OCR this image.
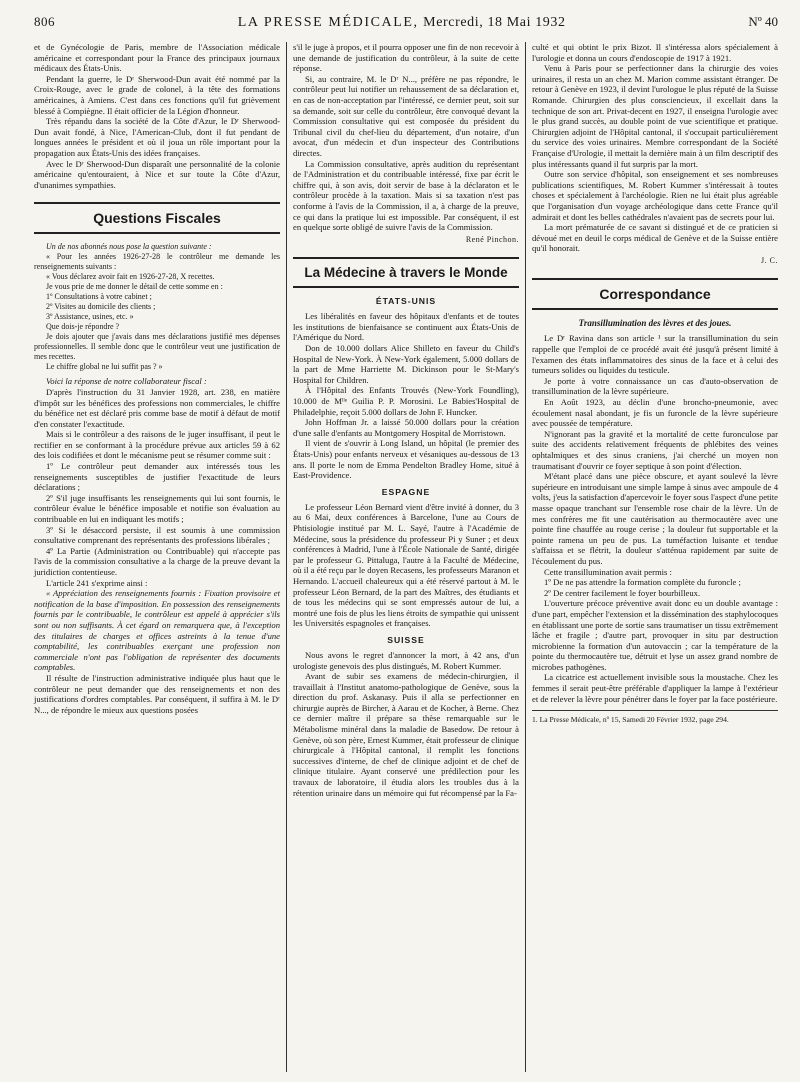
806	LA PRESSE MÉDICALE, Mercredi, 18 Mai 1932	Nº 40

et de Gynécologie de Paris, membre de l'Association médicale américaine et correspondant pour la France des principaux journaux médicaux des États-Unis.

Pendant la guerre, le Dʳ Sherwood-Dun avait été nommé par la Croix-Rouge, avec le grade de colonel, à la tête des formations américaines, à Amiens. C'est dans ces fonctions qu'il fut grièvement blessé à Compiègne. Il était officier de la Légion d'honneur.

Très répandu dans la société de la Côte d'Azur, le Dʳ Sherwood-Dun avait fondé, à Nice, l'American-Club, dont il fut pendant de longues années le président et où il joua un rôle important pour la propagation aux États-Unis des idées françaises.

Avec le Dʳ Sherwood-Dun disparaît une personnalité de la colonie américaine qu'entouraient, à Nice et sur toute la Côte d'Azur, d'unanimes sympathies.

Questions Fiscales

Un de nos abonnés nous pose la question suivante :

« Pour les années 1926-27-28 le contrôleur me demande les renseignements suivants :

« Vous déclarez avoir fait en 1926-27-28, X recettes.

Je vous prie de me donner le détail de cette somme en :

1º Consultations à votre cabinet ;

2º Visites au domicile des clients ;

3º Assistance, usines, etc. »

Que dois-je répondre ?

Je dois ajouter que j'avais dans mes déclarations justifié mes dépenses professionnelles. Il semble donc que le contrôleur veut une justification de mes recettes.

Le chiffre global ne lui suffit pas ? »

Voici la réponse de notre collaborateur fiscal :

D'après l'instruction du 31 Janvier 1928, art. 238, en matière d'impôt sur les bénéfices des professions non commerciales, le chiffre du bénéfice net est déclaré pris comme base de motif à défaut de motif d'en constater l'exactitude.

Mais si le contrôleur a des raisons de le juger insuffisant, il peut le rectifier en se conformant à la procédure prévue aux articles 59 à 62 des lois codifiées et dont le mécanisme peut se résumer comme suit :

1º Le contrôleur peut demander aux intéressés tous les renseignements susceptibles de justifier l'exactitude de leurs déclarations ;

2º S'il juge insuffisants les renseignements qui lui sont fournis, le contrôleur évalue le bénéfice imposable et notifie son évaluation au contribuable en lui en indiquant les motifs ;

3º Si le désaccord persiste, il est soumis à une commission consultative comprenant des représentants des professions libérales ;

4º La Partie (Administration ou Contribuable) qui n'accepte pas l'avis de la commission consultative a la charge de la preuve devant la juridiction contentieuse.

L'article 241 s'exprime ainsi :

« Appréciation des renseignements fournis : Fixation provisoire et notification de la base d'imposition. En possession des renseignements fournis par le contribuable, le contrôleur est appelé à apprécier s'ils sont ou non suffisants. À cet égard on remarquera que, à l'exception des titulaires de charges et offices astreints à la tenue d'une comptabilité, les contribuables exerçant une profession non commerciale n'ont pas l'obligation de représenter des documents comptables.

Il résulte de l'instruction administrative indiquée plus haut que le contrôleur ne peut demander que des renseignements et non des justifications d'ordres comptables. Par conséquent, il suffira à M. le Dʳ N..., de répondre le mieux aux questions posées

s'il le juge à propos, et il pourra opposer une fin de non recevoir à une demande de justification du contrôleur, à la suite de cette réponse.

Si, au contraire, M. le Dʳ N..., préfère ne pas répondre, le contrôleur peut lui notifier un rehaussement de sa déclaration et, en cas de non-acceptation par l'intéressé, ce dernier peut, soit sur sa demande, soit sur celle du contrôleur, être convoqué devant la Commission consultative qui est composée du président du Tribunal civil du chef-lieu du département, d'un notaire, d'un avocat, d'un médecin et d'un inspecteur des Contributions directes.

La Commission consultative, après audition du représentant de l'Administration et du contribuable intéressé, fixe par écrit le chiffre qui, à son avis, doit servir de base à la déclaraton et le contrôleur procède à la taxation. Mais si sa taxation n'est pas conforme à l'avis de la Commission, il a, à charge de la preuve, ce qui dans la pratique lui est impossible. Par conséquent, il est en quelque sorte obligé de suivre l'avis de la Commission.

René Pinchon.

La Médecine à travers le Monde
ÉTATS-UNIS

Les libéralités en faveur des hôpitaux d'enfants et de toutes les institutions de bienfaisance se continuent aux États-Unis de l'Amérique du Nord.

Don de 10.000 dollars Alice Shilleto en faveur du Child's Hospital de New-York. À New-York également, 5.000 dollars de la part de Mme Harriette M. Dickinson pour le St-Mary's Hospital for Children.

À l'Hôpital des Enfants Trouvés (New-York Foundling), 10.000 de Mˡˡᵉ Guilia P. P. Morosini. Le Babies'Hospital de Philadelphie, reçoit 5.000 dollars de John F. Huncker.

John Hoffman Jr. a laissé 50.000 dollars pour la création d'une salle d'enfants au Montgomery Hospital de Morristown.

Il vient de s'ouvrir à Long Island, un hôpital (le premier des États-Unis) pour enfants nerveux et vésaniques au-dessous de 13 ans. Il porte le nom de Emma Pendelton Bradley Home, situé à East-Providence.

ESPAGNE

Le professeur Léon Bernard vient d'être invité à donner, du 3 au 6 Mai, deux conférences à Barcelone, l'une au Cours de Phtisiologie institué par M. L. Sayé, l'autre à l'Académie de Médecine, sous la présidence du professeur Pi y Suner ; et deux conférences à Madrid, l'une à l'École Nationale de Santé, dirigée par le professeur G. Pittaluga, l'autre à la Faculté de Médecine, où il a été reçu par le doyen Recasens, les professeurs Maranon et Hernando. L'accueil chaleureux qui a été réservé partout à M. le professeur Léon Bernard, de la part des Maîtres, des étudiants et de tous les médecins qui se sont empressés autour de lui, a montré une fois de plus les liens étroits de sympathie qui unissent les Universités espagnoles et françaises.

SUISSE

Nous avons le regret d'annoncer la mort, à 42 ans, d'un urologiste genevois des plus distingués, M. Robert Kummer.

Avant de subir ses examens de médecin-chirurgien, il travaillait à l'Institut anatomo-pathologique de Genève, sous la direction du prof. Askanasy. Puis il alla se perfectionner en chirurgie auprès de Bircher, à Aarau et de Kocher, à Berne. Chez ce dernier maître il prépare sa thèse remarquable sur le Métabolisme minéral dans la maladie de Basedow. De retour à Genève, où son père, Ernest Kummer, était professeur de clinique chirurgicale à l'Hôpital cantonal, il remplit les fonctions successives d'interne, de chef de clinique adjoint et de chef de clinique titulaire. Ayant conservé une prédilection pour les travaux de laboratoire, il étudia alors les troubles dus à la rétention urinaire dans un mémoire qui fut récompensé par la Fa-

culté et qui obtint le prix Bizot. Il s'intéressa alors spécialement à l'urologie et donna un cours d'endoscopie de 1917 à 1921.

Venu à Paris pour se perfectionner dans la chirurgie des voies urinaires, il resta un an chez M. Marion comme assistant étranger. De retour à Genève en 1923, il devint l'urologue le plus réputé de la Suisse Romande. Chirurgien des plus consciencieux, il excellait dans la technique de son art. Privat-decent en 1927, il enseigna l'urologie avec le plus grand succès, au double point de vue scientifique et pratique. Chirurgien adjoint de l'Hôpital cantonal, il s'occupait particulièrement du service des voies urinaires. Membre correspondant de la Société Française d'Urologie, il mettait la dernière main à un film descriptif des plus intéressants quand il fut surpris par la mort.

Outre son service d'hôpital, son enseignement et ses nombreuses publications scientifiques, M. Robert Kummer s'intéressait à toutes choses et spécialement à l'archéologie. Rien ne lui était plus agréable que l'organisation d'un voyage archéologique dans cette France qu'il admirait et dont les belles cathédrales n'avaient pas de secrets pour lui.

La mort prématurée de ce savant si distingué et de ce praticien si dévoué met en deuil le corps médical de Genève et de la Suisse entière qu'il honorait.

J. C.

Correspondance
Transillumination des lèvres et des joues.

Le Dʳ Ravina dans son article ¹ sur la transillumination du sein rappelle que l'emploi de ce procédé avait été jusqu'à présent limité à l'examen des états inflammatoires des sinus de la face et à celui des tumeurs solides ou liquides du testicule.

Je porte à votre connaissance un cas d'auto-observation de transillumination de la lèvre supérieure.

En Août 1923, au déclin d'une broncho-pneumonie, avec écoulement nasal abondant, je fis un furoncle de la lèvre supérieure avec poussée de température.

N'ignorant pas la gravité et la mortalité de cette furonculose par suite des accidents relativement fréquents de phlébites des veines ophtalmiques et des sinus craniens, j'ai cherché un moyen non traumatisant d'ouvrir ce foyer septique à son point d'élection.

M'étant placé dans une pièce obscure, et ayant soulevé la lèvre supérieure en introduisant une simple lampe à sinus avec ampoule de 4 volts, j'eus la satisfaction d'apercevoir le foyer sous l'aspect d'une petite masse opaque tranchant sur l'ensemble rose chair de la lèvre. Un de mes confrères me fit une cautérisation au thermocautère avec une pointe fine chauffée au rouge cerise ; la douleur fut supportable et la pointe ramena un peu de pus. La tuméfaction luisante et tendue s'affaissa et se flétrit, la douleur s'atténua rapidement par suite de l'écoulement du pus.

Cette transillumination avait permis :

1º De ne pas attendre la formation complète du furoncle ;

2º De centrer facilement le foyer bourbilleux.

L'ouverture précoce préventive avait donc eu un double avantage : d'une part, empêcher l'extension et la dissémination des staphylocoques en établissant une porte de sortie sans traumatiser un tissu extrêmement lâche et fragile ; d'autre part, provoquer in situ par destruction microbienne la formation d'un autovaccin ; car la température de la pointe du thermocautère tue, détruit et lyse un assez grand nombre de microbes pathogènes.

La cicatrice est actuellement invisible sous la moustache. Chez les femmes il serait peut-être préférable d'appliquer la lampe à l'extérieur et de relever la lèvre pour pénétrer dans le foyer par la face postérieure.

1. La Presse Médicale, nº 15, Samedi 20 Février 1932, page 294.
